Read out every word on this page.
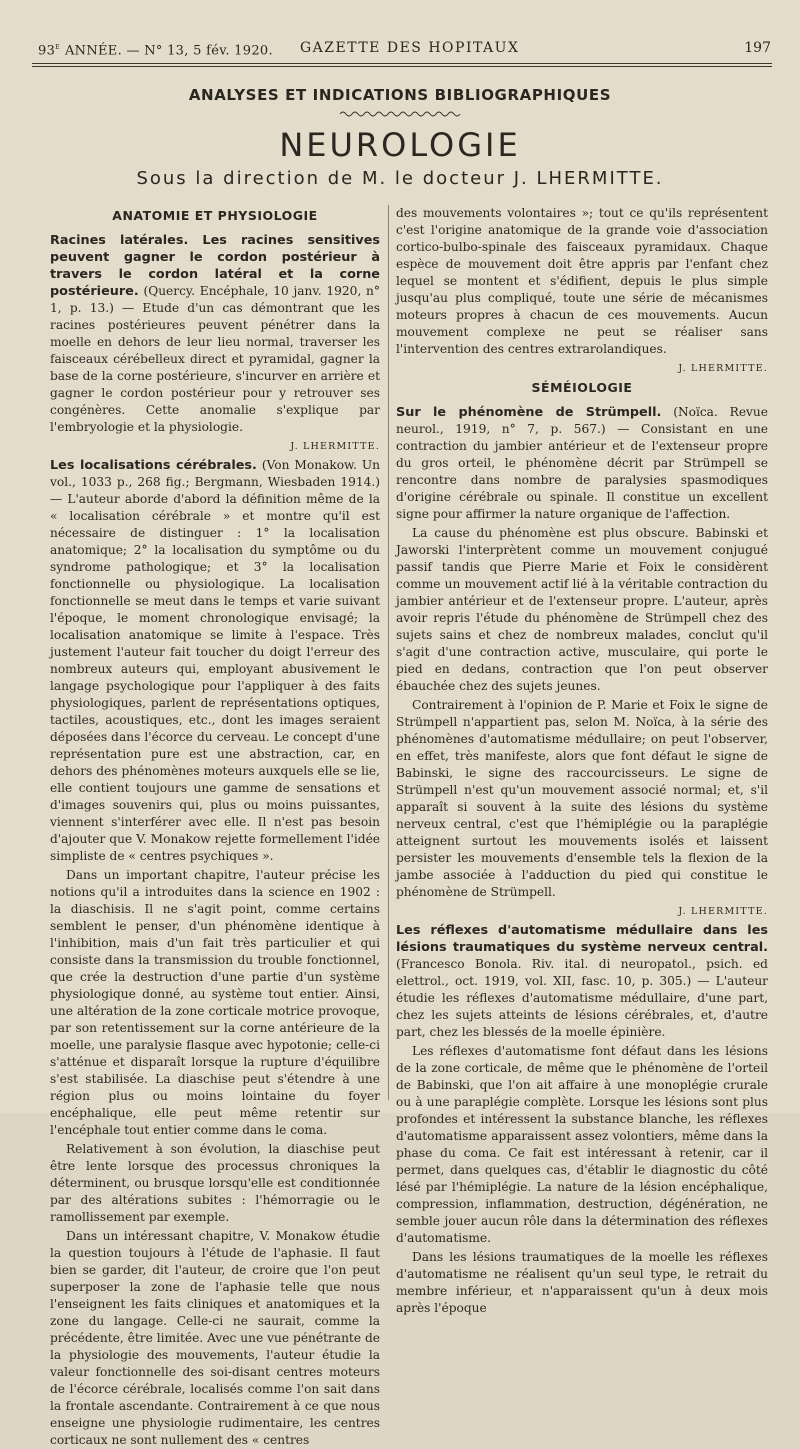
93e ANNÉE. — N° 13, 5 fév. 1920. GAZETTE DES HOPITAUX	197
ANALYSES ET INDICATIONS BIBLIOGRAPHIQUES
NEUROLOGIE
Sous la direction de M. le docteur J. LHERMITTE.
ANATOMIE ET PHYSIOLOGIE

Racines latérales. Les racines sensitives peuvent gagner le cordon postérieur à travers le cordon latéral et la corne postérieure. (Quercy. Encéphale, 10 janv. 1920, n° 1, p. 13.) — Etude d'un cas démontrant que les racines postérieures peuvent pénétrer dans la moelle en dehors de leur lieu normal, traverser les faisceaux cérébelleux direct et pyramidal, gagner la base de la corne postérieure, s'incurver en arrière et gagner le cordon postérieur pour y retrouver ses congénères. Cette anomalie s'explique par l'embryologie et la physiologie.

J. LHERMITTE.

Les localisations cérébrales. (Von Monakow. Un vol., 1033 p., 268 fig.; Bergmann, Wiesbaden 1914.) — L'auteur aborde d'abord la définition même de la « localisation cérébrale » et montre qu'il est nécessaire de distinguer : 1° la localisation anatomique; 2° la localisation du symptôme ou du syndrome pathologique; et 3° la localisation fonctionnelle ou physiologique. La localisation fonctionnelle se meut dans le temps et varie suivant l'époque, le moment chronologique envisagé; la localisation anatomique se limite à l'espace. Très justement l'auteur fait toucher du doigt l'erreur des nombreux auteurs qui, employant abusivement le langage psychologique pour l'appliquer à des faits physiologiques, parlent de représentations optiques, tactiles, acoustiques, etc., dont les images seraient déposées dans l'écorce du cerveau. Le concept d'une représentation pure est une abstraction, car, en dehors des phénomènes moteurs auxquels elle se lie, elle contient toujours une gamme de sensations et d'images souvenirs qui, plus ou moins puissantes, viennent s'interférer avec elle. Il n'est pas besoin d'ajouter que V. Monakow rejette formellement l'idée simpliste de « centres psychiques ».

Dans un important chapitre, l'auteur précise les notions qu'il a introduites dans la science en 1902 : la diaschisis. Il ne s'agit point, comme certains semblent le penser, d'un phénomène identique à l'inhibition, mais d'un fait très particulier et qui consiste dans la transmission du trouble fonctionnel, que crée la destruction d'une partie d'un système physiologique donné, au système tout entier. Ainsi, une altération de la zone corticale motrice provoque, par son retentissement sur la corne antérieure de la moelle, une paralysie flasque avec hypotonie; celle-ci s'atténue et disparaît lorsque la rupture d'équilibre s'est stabilisée. La diaschise peut s'étendre à une région plus ou moins lointaine du foyer encéphalique, elle peut même retentir sur l'encéphale tout entier comme dans le coma.

Relativement à son évolution, la diaschise peut être lente lorsque des processus chroniques la déterminent, ou brusque lorsqu'elle est conditionnée par des altérations subites : l'hémorragie ou le ramollissement par exemple.

Dans un intéressant chapitre, V. Monakow étudie la question toujours à l'étude de l'aphasie. Il faut bien se garder, dit l'auteur, de croire que l'on peut superposer la zone de l'aphasie telle que nous l'enseignent les faits cliniques et anatomiques et la zone du langage. Celle-ci ne saurait, comme la précédente, être limitée. Avec une vue pénétrante de la physiologie des mouvements, l'auteur étudie la valeur fonctionnelle des soi-disant centres moteurs de l'écorce cérébrale, localisés comme l'on sait dans la frontale ascendante. Contrairement à ce que nous enseigne une physiologie rudimentaire, les centres corticaux ne sont nullement des « centres

des mouvements volontaires »; tout ce qu'ils représentent c'est l'origine anatomique de la grande voie d'association cortico-bulbo-spinale des faisceaux pyramidaux. Chaque espèce de mouvement doit être appris par l'enfant chez lequel se montent et s'édifient, depuis le plus simple jusqu'au plus compliqué, toute une série de mécanismes moteurs propres à chacun de ces mouvements. Aucun mouvement complexe ne peut se réaliser sans l'intervention des centres extrarolandiques.

J. LHERMITTE.

SÉMÉIOLOGIE

Sur le phénomène de Strümpell. (Noïca. Revue neurol., 1919, n° 7, p. 567.) — Consistant en une contraction du jambier antérieur et de l'extenseur propre du gros orteil, le phénomène décrit par Strümpell se rencontre dans nombre de paralysies spasmodiques d'origine cérébrale ou spinale. Il constitue un excellent signe pour affirmer la nature organique de l'affection.

La cause du phénomène est plus obscure. Babinski et Jaworski l'interprètent comme un mouvement conjugué passif tandis que Pierre Marie et Foix le considèrent comme un mouvement actif lié à la véritable contraction du jambier antérieur et de l'extenseur propre. L'auteur, après avoir repris l'étude du phénomène de Strümpell chez des sujets sains et chez de nombreux malades, conclut qu'il s'agit d'une contraction active, musculaire, qui porte le pied en dedans, contraction que l'on peut observer ébauchée chez des sujets jeunes.

Contrairement à l'opinion de P. Marie et Foix le signe de Strümpell n'appartient pas, selon M. Noïca, à la série des phénomènes d'automatisme médullaire; on peut l'observer, en effet, très manifeste, alors que font défaut le signe de Babinski, le signe des raccourcisseurs. Le signe de Strümpell n'est qu'un mouvement associé normal; et, s'il apparaît si souvent à la suite des lésions du système nerveux central, c'est que l'hémiplégie ou la paraplégie atteignent surtout les mouvements isolés et laissent persister les mouvements d'ensemble tels la flexion de la jambe associée à l'adduction du pied qui constitue le phénomène de Strümpell.

J. LHERMITTE.

Les réflexes d'automatisme médullaire dans les lésions traumatiques du système nerveux central. (Francesco Bonola. Riv. ital. di neuropatol., psich. ed elettrol., oct. 1919, vol. XII, fasc. 10, p. 305.) — L'auteur étudie les réflexes d'automatisme médullaire, d'une part, chez les sujets atteints de lésions cérébrales, et, d'autre part, chez les blessés de la moelle épinière.

Les réflexes d'automatisme font défaut dans les lésions de la zone corticale, de même que le phénomène de l'orteil de Babinski, que l'on ait affaire à une monoplégie crurale ou à une paraplégie complète. Lorsque les lésions sont plus profondes et intéressent la substance blanche, les réflexes d'automatisme apparaissent assez volontiers, même dans la phase du coma. Ce fait est intéressant à retenir, car il permet, dans quelques cas, d'établir le diagnostic du côté lésé par l'hémiplégie. La nature de la lésion encéphalique, compression, inflammation, destruction, dégénération, ne semble jouer aucun rôle dans la détermination des réflexes d'automatisme.

Dans les lésions traumatiques de la moelle les réflexes d'automatisme ne réalisent qu'un seul type, le retrait du membre inférieur, et n'apparaissent qu'un à deux mois après l'époque
